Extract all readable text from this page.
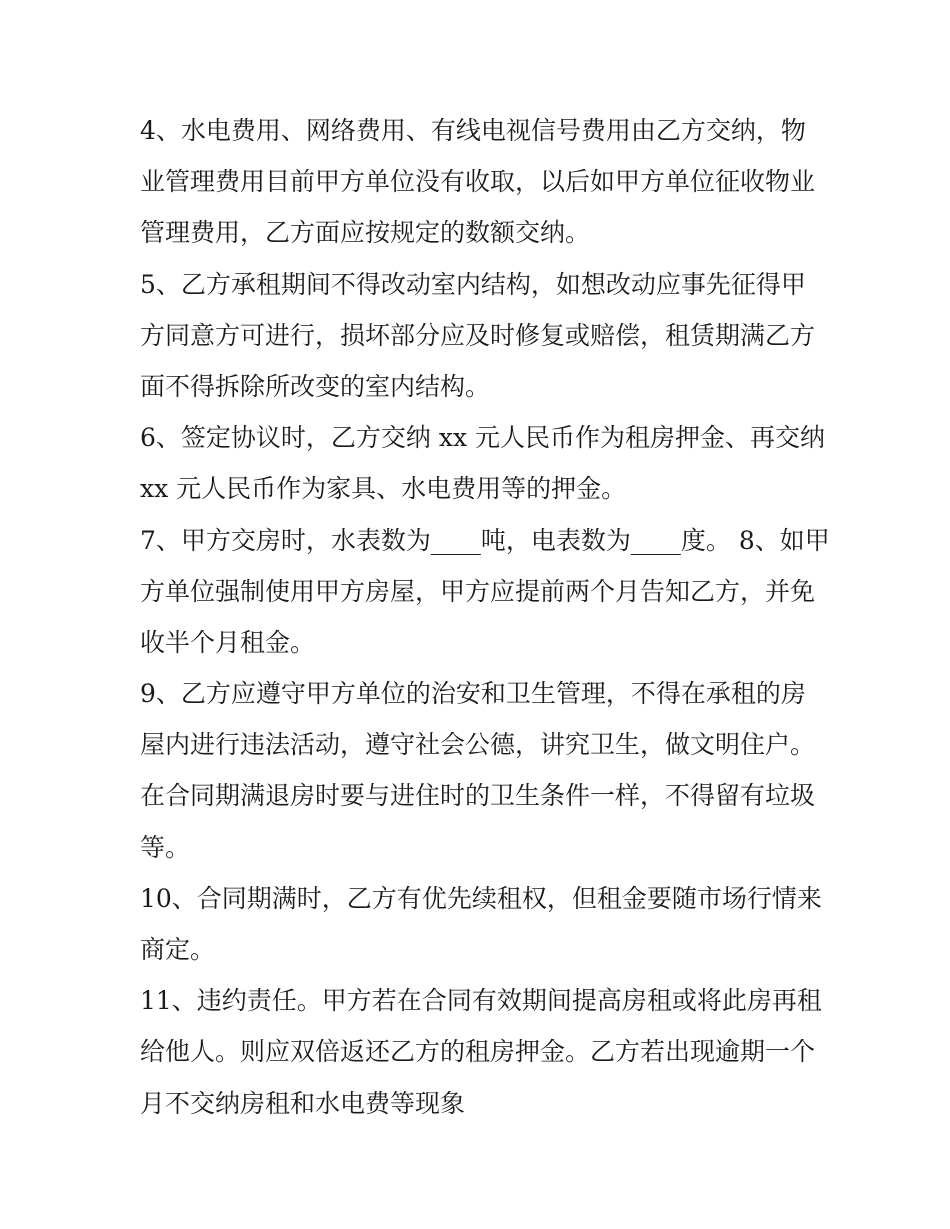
4、水电费用、网络费用、有线电视信号费用由乙方交纳，物
业管理费用目前甲方单位没有收取，以后如甲方单位征收物业
管理费用，乙方面应按规定的数额交纳。
5、乙方承租期间不得改动室内结构，如想改动应事先征得甲
方同意方可进行，损坏部分应及时修复或赔偿，租赁期满乙方
面不得拆除所改变的室内结构。
6、签定协议时，乙方交纳 xx 元人民币作为租房押金、再交纳
xx 元人民币作为家具、水电费用等的押金。
7、甲方交房时，水表数为____吨，电表数为____度。 8、如甲
方单位强制使用甲方房屋，甲方应提前两个月告知乙方，并免
收半个月租金。
9、乙方应遵守甲方单位的治安和卫生管理，不得在承租的房
屋内进行违法活动，遵守社会公德，讲究卫生，做文明住户。
在合同期满退房时要与进住时的卫生条件一样，不得留有垃圾
等。
10、合同期满时，乙方有优先续租权，但租金要随市场行情来
商定。
11、违约责任。甲方若在合同有效期间提高房租或将此房再租
给他人。则应双倍返还乙方的租房押金。乙方若出现逾期一个
月不交纳房租和水电费等现象
